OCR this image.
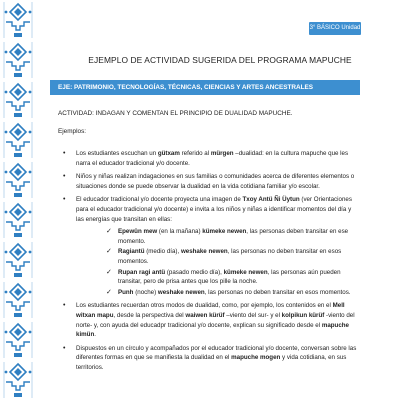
3° BÁSICO Unidad 4
EJEMPLO DE ACTIVIDAD SUGERIDA DEL PROGRAMA MAPUCHE
EJE: PATRIMONIO, TECNOLOGÍAS, TÉCNICAS, CIENCIAS Y ARTES ANCESTRALES
ACTIVIDAD: INDAGAN Y COMENTAN EL PRINCIPIO DE DUALIDAD MAPUCHE.
Ejemplos:
• Los estudiantes escuchan un gütxam referido al mürgen –dualidad: en la cultura mapuche que les narra el educador tradicional y/o docente.
• Niños y niñas realizan indagaciones en sus familias o comunidades acerca de diferentes elementos o situaciones donde se puede observar la dualidad en la vida cotidiana familiar y/o escolar.
• El educador tradicional y/o docente proyecta una imagen de Txoy Antü Ñi Üytun (ver Orientaciones para el educador tradicional y/o docente) e invita a los niños y niñas a identificar momentos del día y las energías que transitan en ellas:
✓ Epewün mew (en la mañana) kümeke newen, las personas deben transitar en ese momento.
✓ Ragiantü (medio día), weshake newen, las personas no deben transitar en esos momentos.
✓ Rupan ragi antü (pasado medio día), kümeke newen, las personas aún pueden transitar, pero de prisa antes que los pille la noche.
✓ Punh (noche) weshake newen, las personas no deben transitar en esos momentos.
• Los estudiantes recuerdan otros modos de dualidad, como, por ejemplo, los contenidos en el Mell witxan mapu, desde la perspectiva del waiwen kürüf –viento del sur- y el kolpikun kürüf -viento del norte- y, con ayuda del educadpr tradicional y/o docente, explican su significado desde el mapuche kimün.
• Dispuestos en un círculo y acompañados por el educador tradicional y/o docente, conversan sobre las diferentes formas en que se manifiesta la dualidad en el mapuche mogen y vida cotidiana, en sus territorios.
